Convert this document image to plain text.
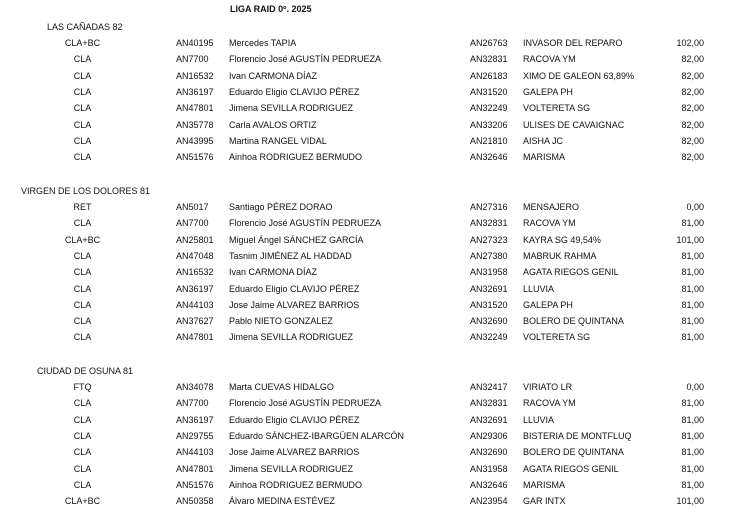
LIGA RAID 0º. 2025
LAS CAÑADAS 82
CLA+BC	AN40195 Mercedes TAPIA	AN26763 INVASOR DEL REPARO	102,00
CLA	AN7700 Florencio José AGUSTÍN PEDRUEZA	AN32831 RACOVA YM	82,00
CLA	AN16532 Ivan CARMONA DÍAZ	AN26183 XIMO DE GALEON 63,89%	82,00
CLA	AN36197 Eduardo Eligio CLAVIJO PÉREZ	AN31520 GALEPA PH	82,00
CLA	AN47801 Jimena SEVILLA RODRIGUEZ	AN32249 VOLTERETA SG	82,00
CLA	AN35778 Carla AVALOS ORTIZ	AN33206 ULISES DE CAVAIGNAC	82,00
CLA	AN43995 Martina RANGEL VIDAL	AN21810 AISHA JC	82,00
CLA	AN51576 Ainhoa RODRIGUEZ BERMUDO	AN32646 MARISMA	82,00
VIRGEN DE LOS DOLORES 81
RET	AN5017 Santiago PÉREZ DORAO	AN27316 MENSAJERO	0,00
CLA	AN7700 Florencio José AGUSTÍN PEDRUEZA	AN32831 RACOVA YM	81,00
CLA+BC	AN25801 Miguel Ángel SÁNCHEZ GARCÍA	AN27323 KAYRA SG 49,54%	101,00
CLA	AN47048 Tasnim JIMÉNEZ AL HADDAD	AN27380 MABRUK RAHMA	81,00
CLA	AN16532 Ivan CARMONA DÍAZ	AN31958 AGATA RIEGOS GENIL	81,00
CLA	AN36197 Eduardo Eligio CLAVIJO PÉREZ	AN32691 LLUVIA	81,00
CLA	AN44103 Jose Jaime ALVAREZ BARRIOS	AN31520 GALEPA PH	81,00
CLA	AN37627 Pablo NIETO GONZALEZ	AN32690 BOLERO DE QUINTANA	81,00
CLA	AN47801 Jimena SEVILLA RODRIGUEZ	AN32249 VOLTERETA SG	81,00
CIUDAD DE OSUNA 81
FTQ	AN34078 Marta CUEVAS HIDALGO	AN32417 VIRIATO LR	0,00
CLA	AN7700 Florencio José AGUSTÍN PEDRUEZA	AN32831 RACOVA YM	81,00
CLA	AN36197 Eduardo Eligio CLAVIJO PÉREZ	AN32691 LLUVIA	81,00
CLA	AN29755 Eduardo SÁNCHEZ-IBARGÜEN ALARCÓN	AN29306 BISTERIA DE MONTFLUQ	81,00
CLA	AN44103 Jose Jaime ALVAREZ BARRIOS	AN32690 BOLERO DE QUINTANA	81,00
CLA	AN47801 Jimena SEVILLA RODRIGUEZ	AN31958 AGATA RIEGOS GENIL	81,00
CLA	AN51576 Ainhoa RODRIGUEZ BERMUDO	AN32646 MARISMA	81,00
CLA+BC	AN50358 Álvaro MEDINA ESTÉVEZ	AN23954 GAR INTX	101,00
